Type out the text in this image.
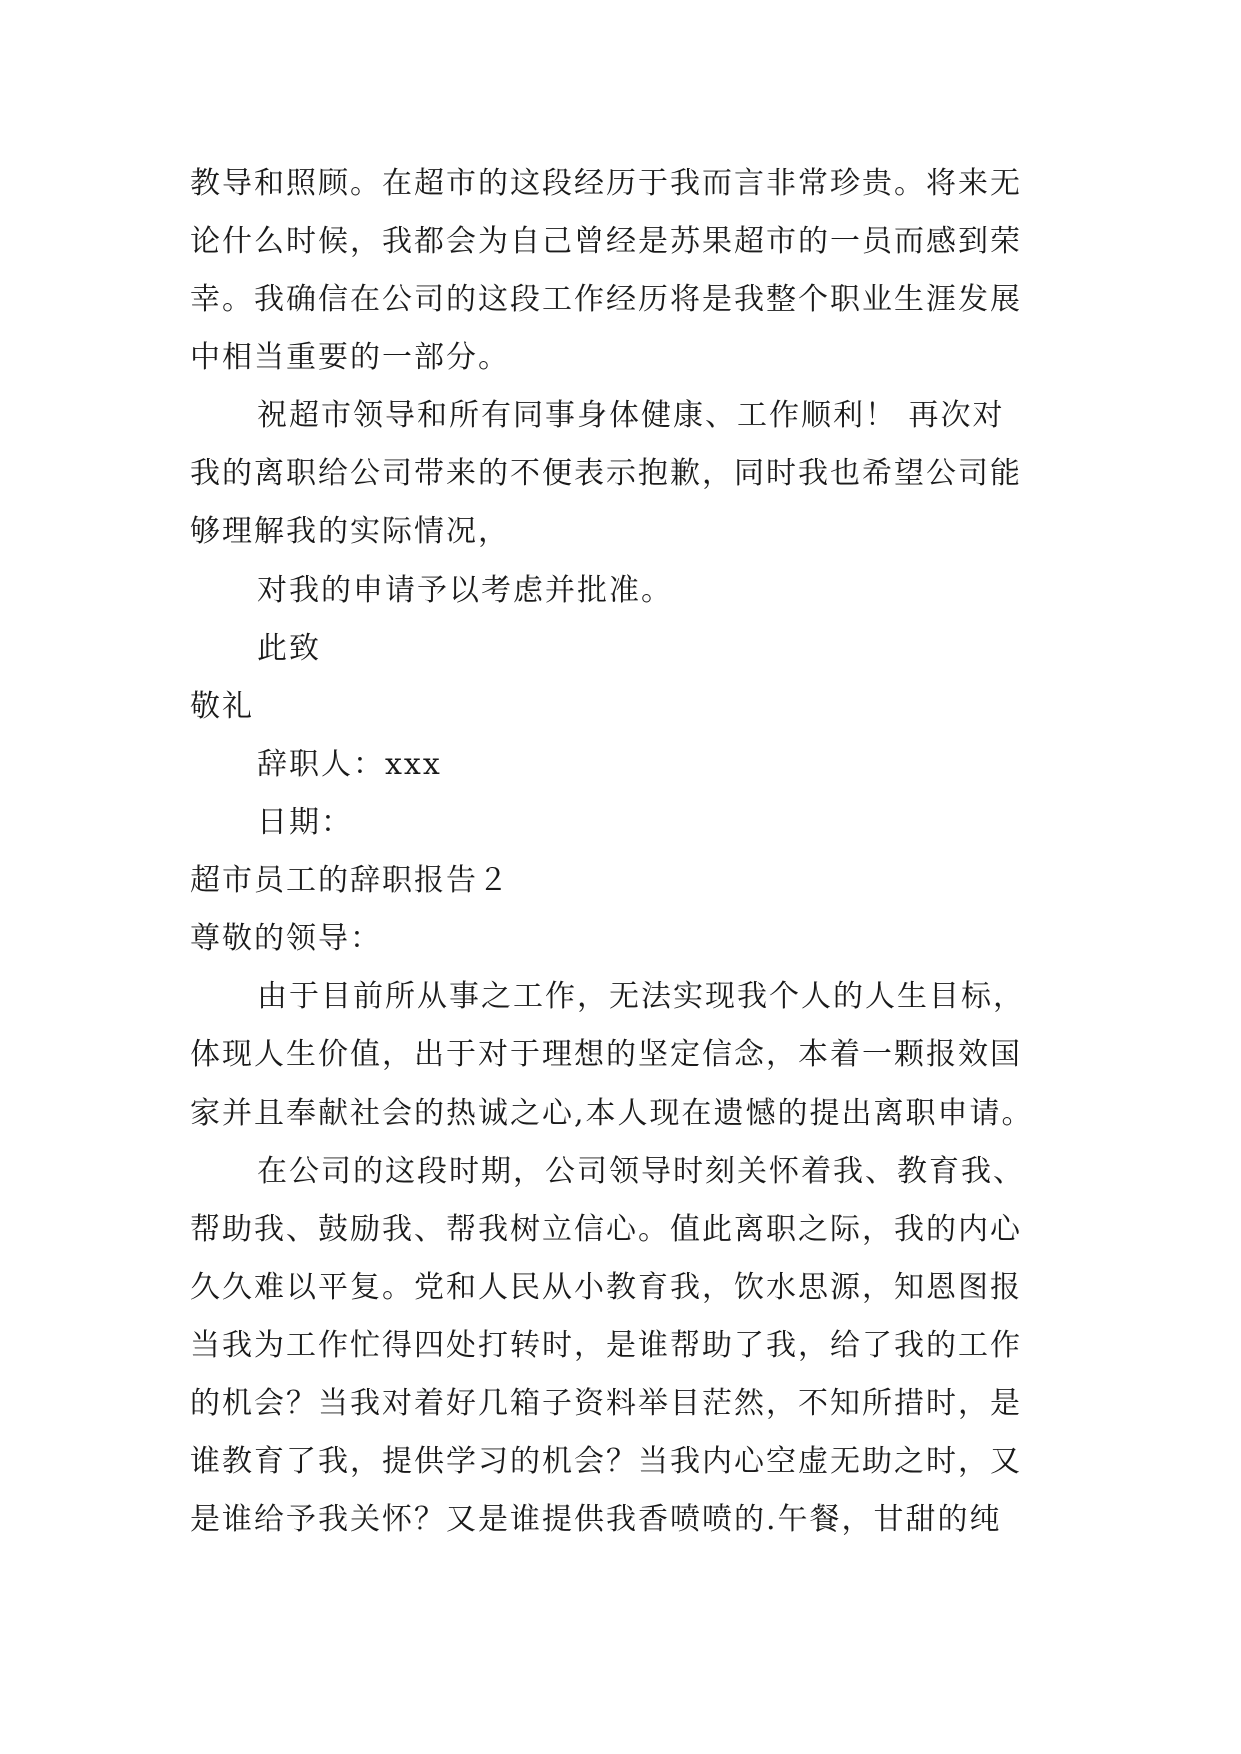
教导和照顾。在超市的这段经历于我而言非常珍贵。将来无
论什么时候，我都会为自己曾经是苏果超市的一员而感到荣
幸。我确信在公司的这段工作经历将是我整个职业生涯发展
中相当重要的一部分。
祝超市领导和所有同事身体健康、工作顺利！ 再次对
我的离职给公司带来的不便表示抱歉，同时我也希望公司能
够理解我的实际情况，
对我的申请予以考虑并批准。
此致
敬礼
辞职人：xxx
日期：
超市员工的辞职报告２
尊敬的领导：
由于目前所从事之工作，无法实现我个人的人生目标，
体现人生价值，出于对于理想的坚定信念，本着一颗报效国
家并且奉献社会的热诚之心,本人现在遗憾的提出离职申请。
在公司的这段时期，公司领导时刻关怀着我、教育我、
帮助我、鼓励我、帮我树立信心。值此离职之际，我的内心
久久难以平复。党和人民从小教育我，饮水思源，知恩图报
当我为工作忙得四处打转时，是谁帮助了我，给了我的工作
的机会？当我对着好几箱子资料举目茫然，不知所措时，是
谁教育了我，提供学习的机会？当我内心空虚无助之时，又
是谁给予我关怀？又是谁提供我香喷喷的.午餐，甘甜的纯
